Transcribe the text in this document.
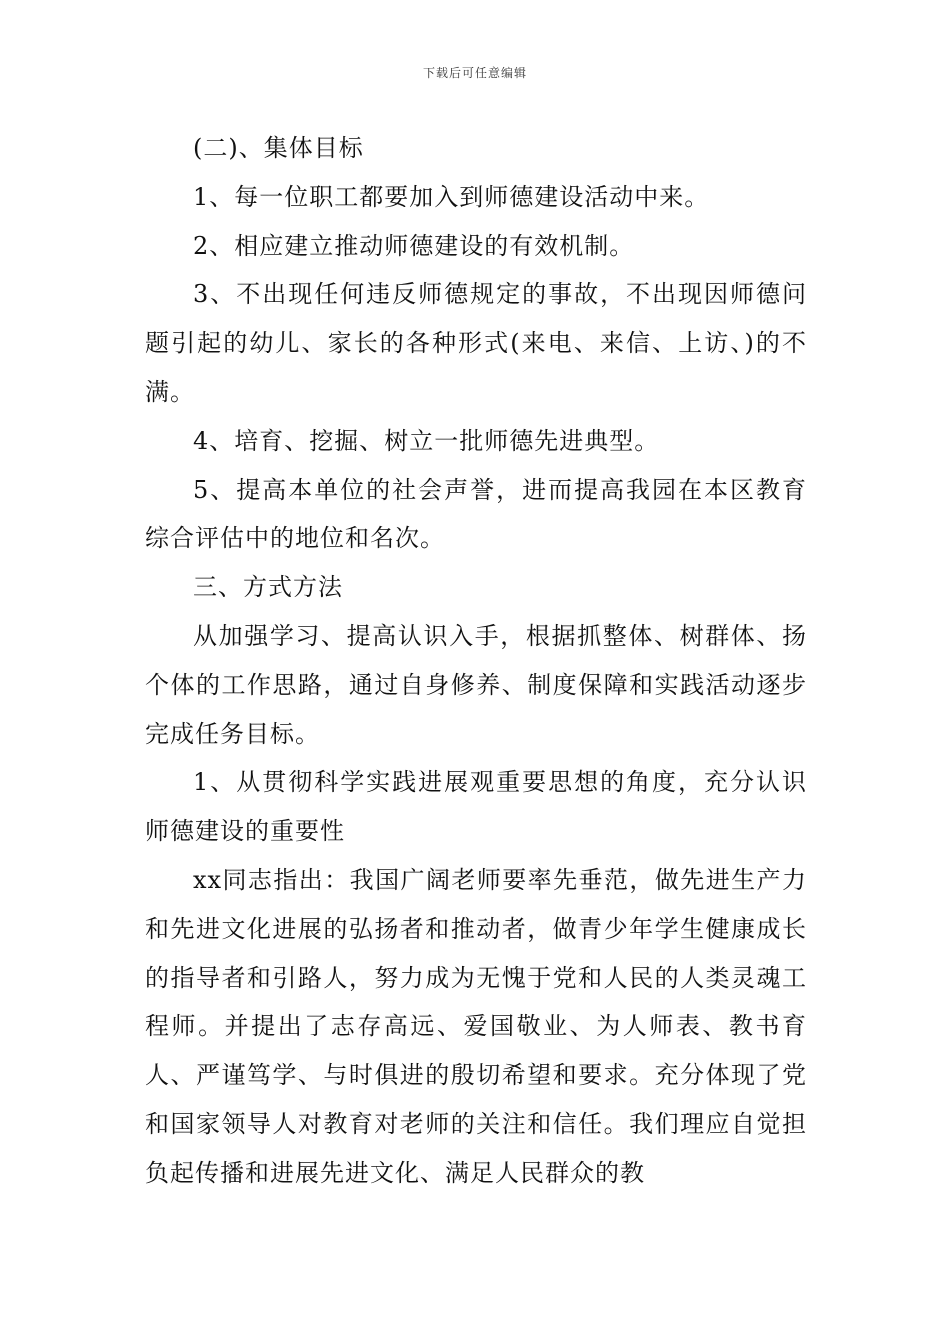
下载后可任意编辑

(二)、集体目标

1、每一位职工都要加入到师德建设活动中来。

2、相应建立推动师德建设的有效机制。

3、不出现任何违反师德规定的事故，不出现因师德问题引起的幼儿、家长的各种形式(来电、来信、上访、)的不满。

4、培育、挖掘、树立一批师德先进典型。

5、提高本单位的社会声誉，进而提高我园在本区教育综合评估中的地位和名次。

三、方式方法

从加强学习、提高认识入手，根据抓整体、树群体、扬个体的工作思路，通过自身修养、制度保障和实践活动逐步完成任务目标。

1、从贯彻科学实践进展观重要思想的角度，充分认识师德建设的重要性

xx同志指出：我国广阔老师要率先垂范，做先进生产力和先进文化进展的弘扬者和推动者，做青少年学生健康成长的指导者和引路人，努力成为无愧于党和人民的人类灵魂工程师。并提出了志存高远、爱国敬业、为人师表、教书育人、严谨笃学、与时俱进的殷切希望和要求。充分体现了党和国家领导人对教育对老师的关注和信任。我们理应自觉担负起传播和进展先进文化、满足人民群众的教
